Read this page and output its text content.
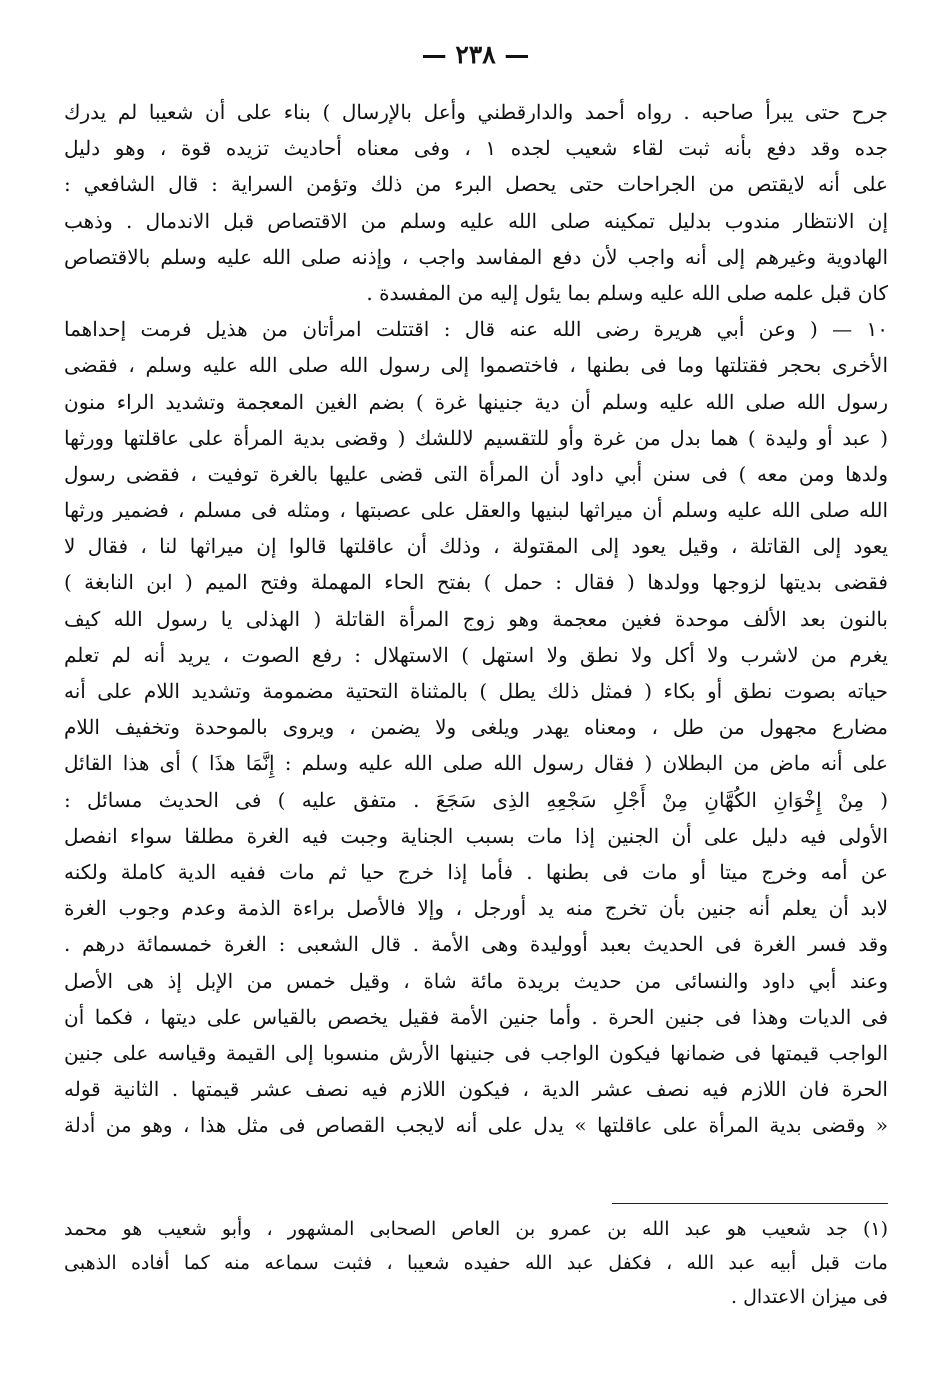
— ٢٣٨ —
جرح حتى يبرأ صاحبه . رواه أحمد والدارقطني وأعل بالإرسال ) بناء على أن شعيبا لم يدرك
جده وقد دفع بأنه ثبت لقاء شعيب لجده ١ ، وفى معناه أحاديث تزيده قوة ، وهو دليل
على أنه لايقتص من الجراحات حتى يحصل البرء من ذلك وتؤمن السراية : قال الشافعي :
إن الانتظار مندوب بدليل تمكينه صلى الله عليه وسلم من الاقتصاص قبل الاندمال . وذهب
الهادوية وغيرهم إلى أنه واجب لأن دفع المفاسد واجب ، وإذنه صلى الله عليه وسلم بالاقتصاص
كان قبل علمه صلى الله عليه وسلم بما يئول إليه من المفسدة .
١٠ — ( وعن أبي هريرة رضى الله عنه قال : اقتتلت امرأتان من هذيل فرمت إحداهما
الأخرى بحجر فقتلتها وما فى بطنها ، فاختصموا إلى رسول الله صلى الله عليه وسلم ، فقضى
رسول الله صلى الله عليه وسلم أن دية جنينها غرة ) بضم الغين المعجمة وتشديد الراء منون
( عبد أو وليدة ) هما بدل من غرة وأو للتقسيم لاللشك ( وقضى بدية المرأة على عاقلتها وورثها
ولدها ومن معه ) فى سنن أبي داود أن المرأة التى قضى عليها بالغرة توفيت ، فقضى رسول
الله صلى الله عليه وسلم أن ميراثها لبنيها والعقل على عصبتها ، ومثله فى مسلم ، فضمير ورثها
يعود إلى القاتلة ، وقيل يعود إلى المقتولة ، وذلك أن عاقلتها قالوا إن ميراثها لنا ، فقال لا
فقضى بديتها لزوجها وولدها ( فقال : حمل ) بفتح الحاء المهملة وفتح الميم ( ابن النابغة )
بالنون بعد الألف موحدة فغين معجمة وهو زوج المرأة القاتلة ( الهذلى يا رسول الله كيف
يغرم من لاشرب ولا أكل ولا نطق ولا استهل ) الاستهلال : رفع الصوت ، يريد أنه لم تعلم
حياته بصوت نطق أو بكاء ( فمثل ذلك يطل ) بالمثناة التحتية مضمومة وتشديد اللام على أنه
مضارع مجهول من طل ، ومعناه يهدر ويلغى ولا يضمن ، ويروى بالموحدة وتخفيف اللام
على أنه ماض من البطلان ( فقال رسول الله صلى الله عليه وسلم : إِنَّمَا هذَا ) أى هذا القائل
( مِنْ إِخْوَانِ الكُهَّانِ مِنْ أَجْلِ سَجْعِهِ الذِى سَجَعَ . متفق عليه ) فى الحديث مسائل :
الأولى فيه دليل على أن الجنين إذا مات بسبب الجناية وجبت فيه الغرة مطلقا سواء انفصل
عن أمه وخرج ميتا أو مات فى بطنها . فأما إذا خرج حيا ثم مات ففيه الدية كاملة ولكنه
لابد أن يعلم أنه جنين بأن تخرج منه يد أورجل ، وإلا فالأصل براءة الذمة وعدم وجوب الغرة
وقد فسر الغرة فى الحديث بعبد أووليدة وهى الأمة . قال الشعبى : الغرة خمسمائة درهم .
وعند أبي داود والنسائى من حديث بريدة مائة شاة ، وقيل خمس من الإبل إذ هى الأصل
فى الديات وهذا فى جنين الحرة . وأما جنين الأمة فقيل يخصص بالقياس على ديتها ، فكما أن
الواجب قيمتها فى ضمانها فيكون الواجب فى جنينها الأرش منسوبا إلى القيمة وقياسه على جنين
الحرة فان اللازم فيه نصف عشر الدية ، فيكون اللازم فيه نصف عشر قيمتها . الثانية قوله
« وقضى بدية المرأة على عاقلتها » يدل على أنه لايجب القصاص فى مثل هذا ، وهو من أدلة
(١) جد شعيب هو عبد الله بن عمرو بن العاص الصحابى المشهور ، وأبو شعيب هو محمد
مات قبل أبيه عبد الله ، فكفل عبد الله حفيده شعيبا ، فثبت سماعه منه كما أفاده الذهبى
فى ميزان الاعتدال .
